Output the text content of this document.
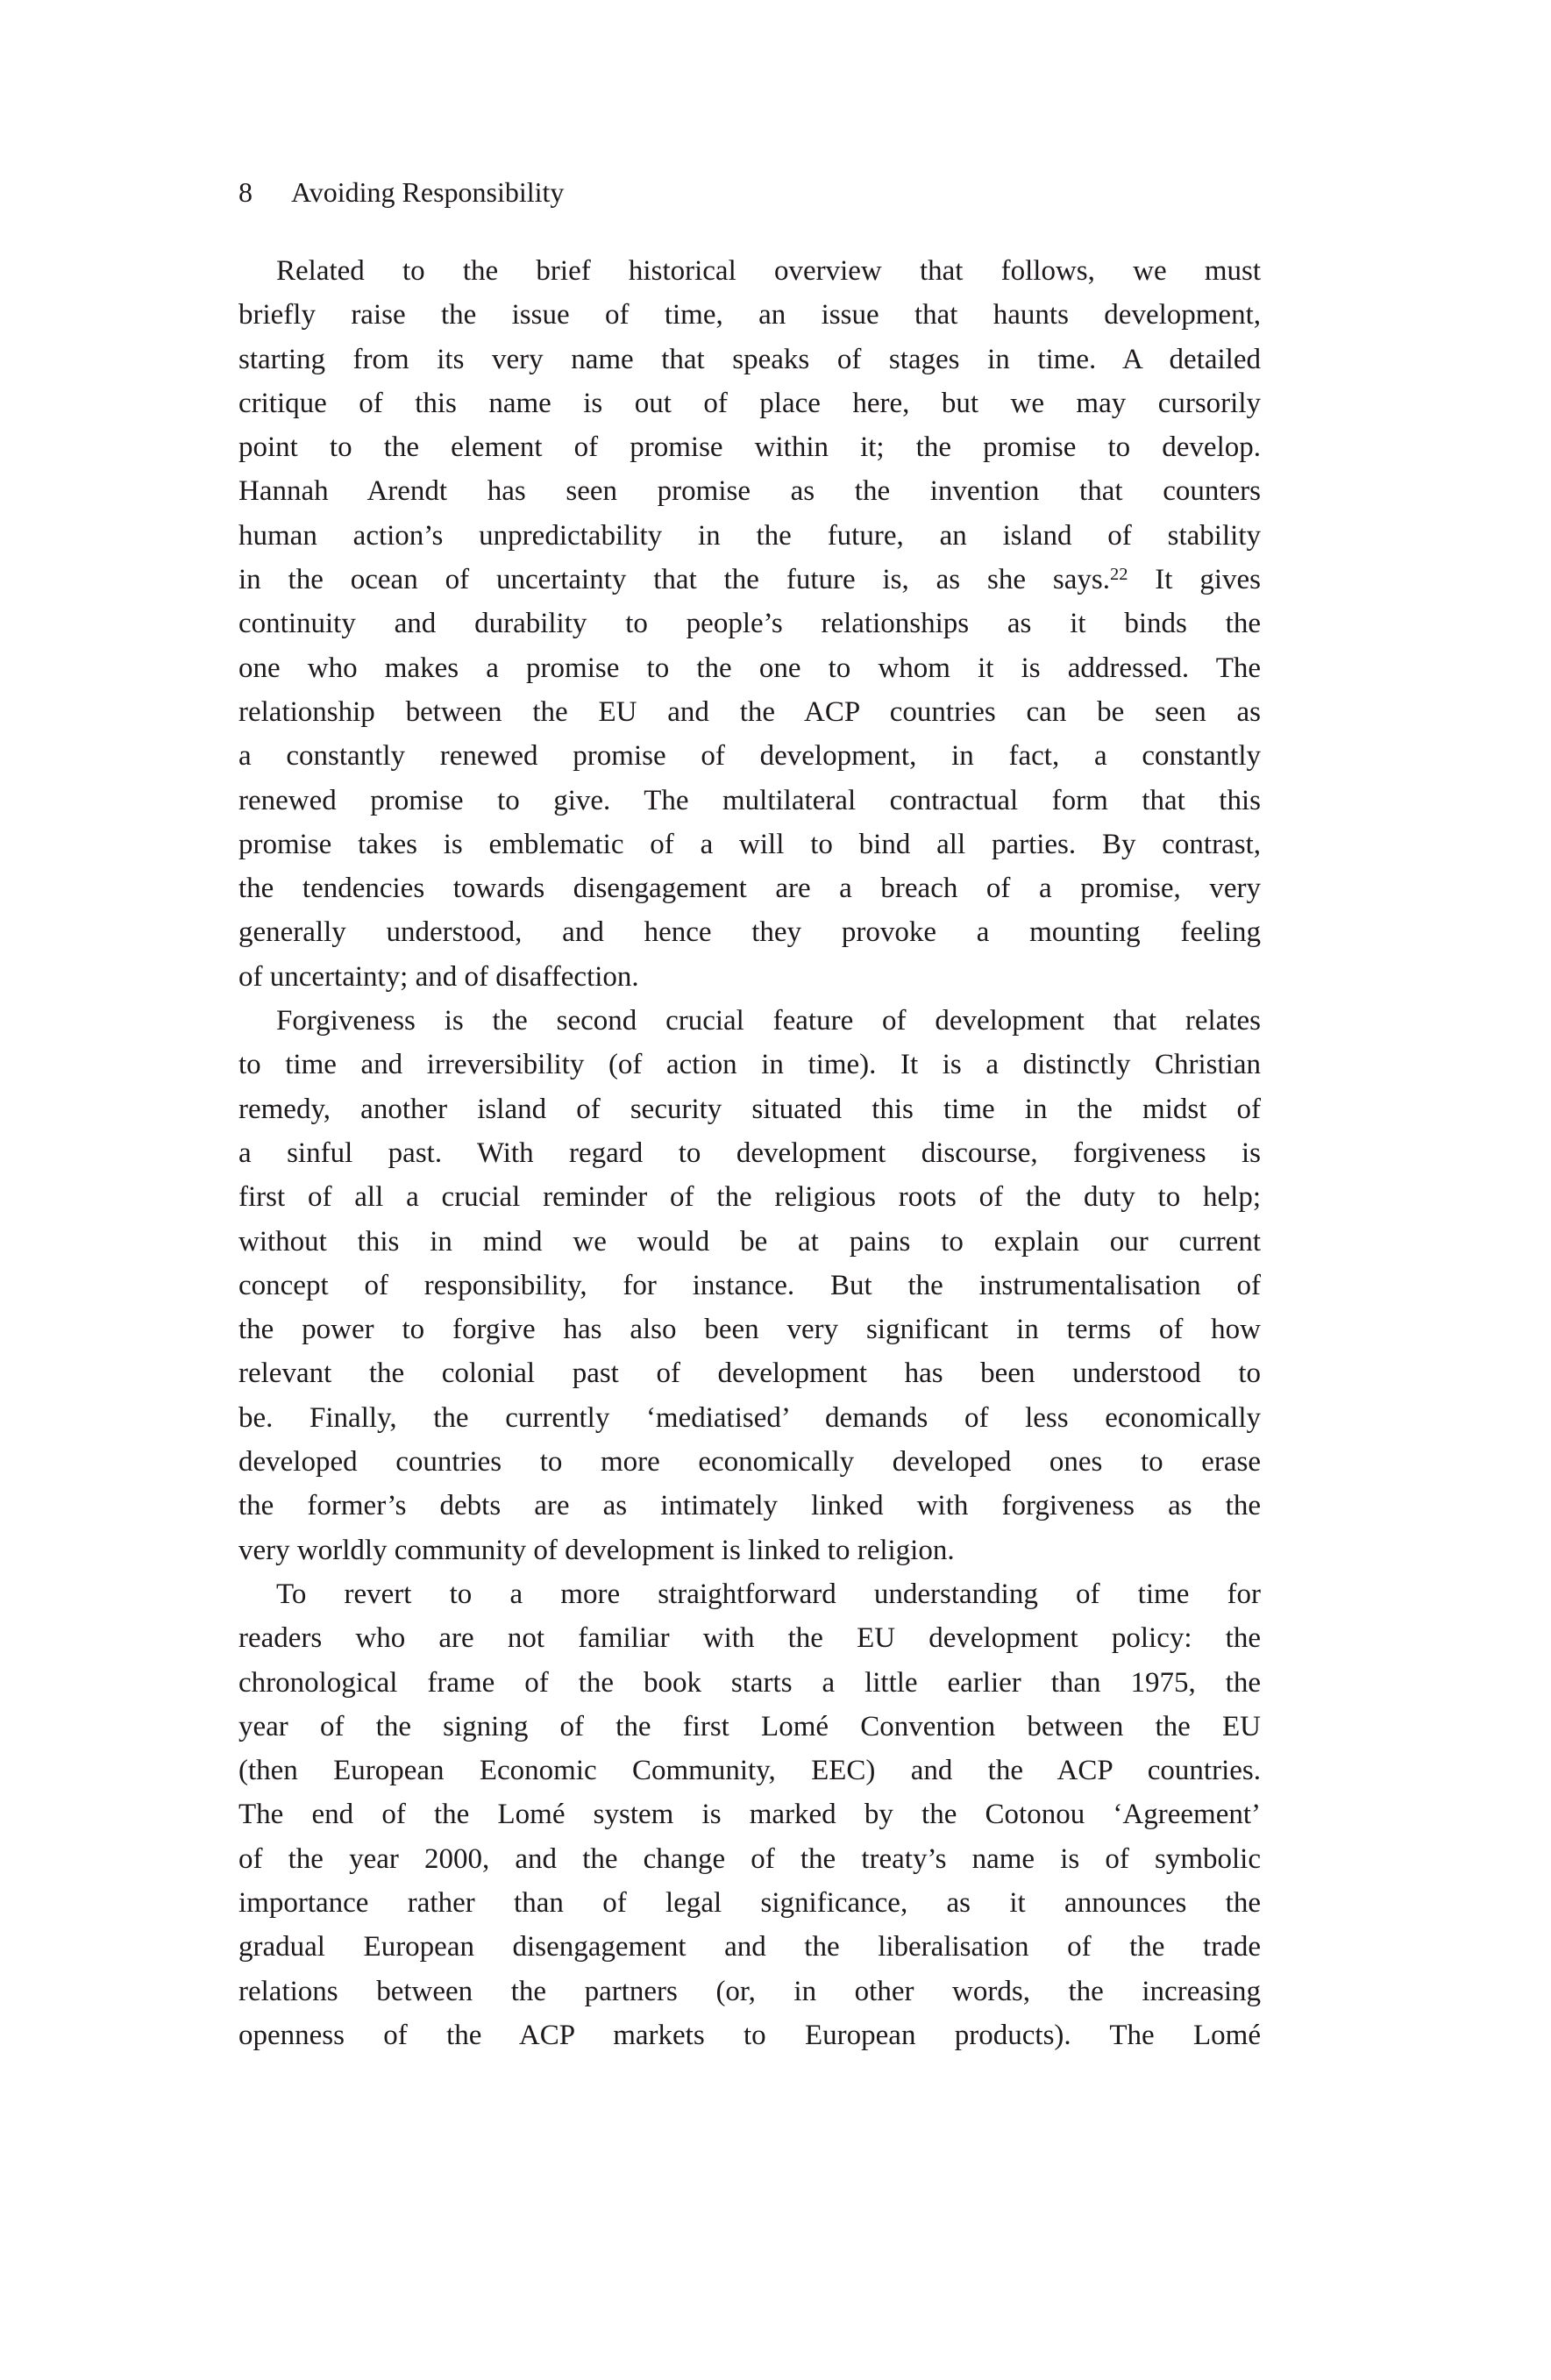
8 Avoiding Responsibility
Related to the brief historical overview that follows, we must
briefly raise the issue of time, an issue that haunts development,
starting from its very name that speaks of stages in time. A detailed
critique of this name is out of place here, but we may cursorily
point to the element of promise within it; the promise to develop.
Hannah Arendt has seen promise as the invention that counters
human action’s unpredictability in the future, an island of stability
in the ocean of uncertainty that the future is, as she says.$^{22}$ It gives
continuity and durability to people’s relationships as it binds the
one who makes a promise to the one to whom it is addressed. The
relationship between the EU and the ACP countries can be seen as
a constantly renewed promise of development, in fact, a constantly
renewed promise to give. The multilateral contractual form that this
promise takes is emblematic of a will to bind all parties. By contrast,
the tendencies towards disengagement are a breach of a promise, very
generally understood, and hence they provoke a mounting feeling
of uncertainty; and of disaffection.
Forgiveness is the second crucial feature of development that relates
to time and irreversibility (of action in time). It is a distinctly Christian
remedy, another island of security situated this time in the midst of
a sinful past. With regard to development discourse, forgiveness is
first of all a crucial reminder of the religious roots of the duty to help;
without this in mind we would be at pains to explain our current
concept of responsibility, for instance. But the instrumentalisation of
the power to forgive has also been very significant in terms of how
relevant the colonial past of development has been understood to
be. Finally, the currently ‘mediatised’ demands of less economically
developed countries to more economically developed ones to erase
the former’s debts are as intimately linked with forgiveness as the
very worldly community of development is linked to religion.
To revert to a more straightforward understanding of time for
readers who are not familiar with the EU development policy: the
chronological frame of the book starts a little earlier than 1975, the
year of the signing of the first Lomé Convention between the EU
(then European Economic Community, EEC) and the ACP countries.
The end of the Lomé system is marked by the Cotonou ‘Agreement’
of the year 2000, and the change of the treaty’s name is of symbolic
importance rather than of legal significance, as it announces the
gradual European disengagement and the liberalisation of the trade
relations between the partners (or, in other words, the increasing
openness of the ACP markets to European products). The Lomé
